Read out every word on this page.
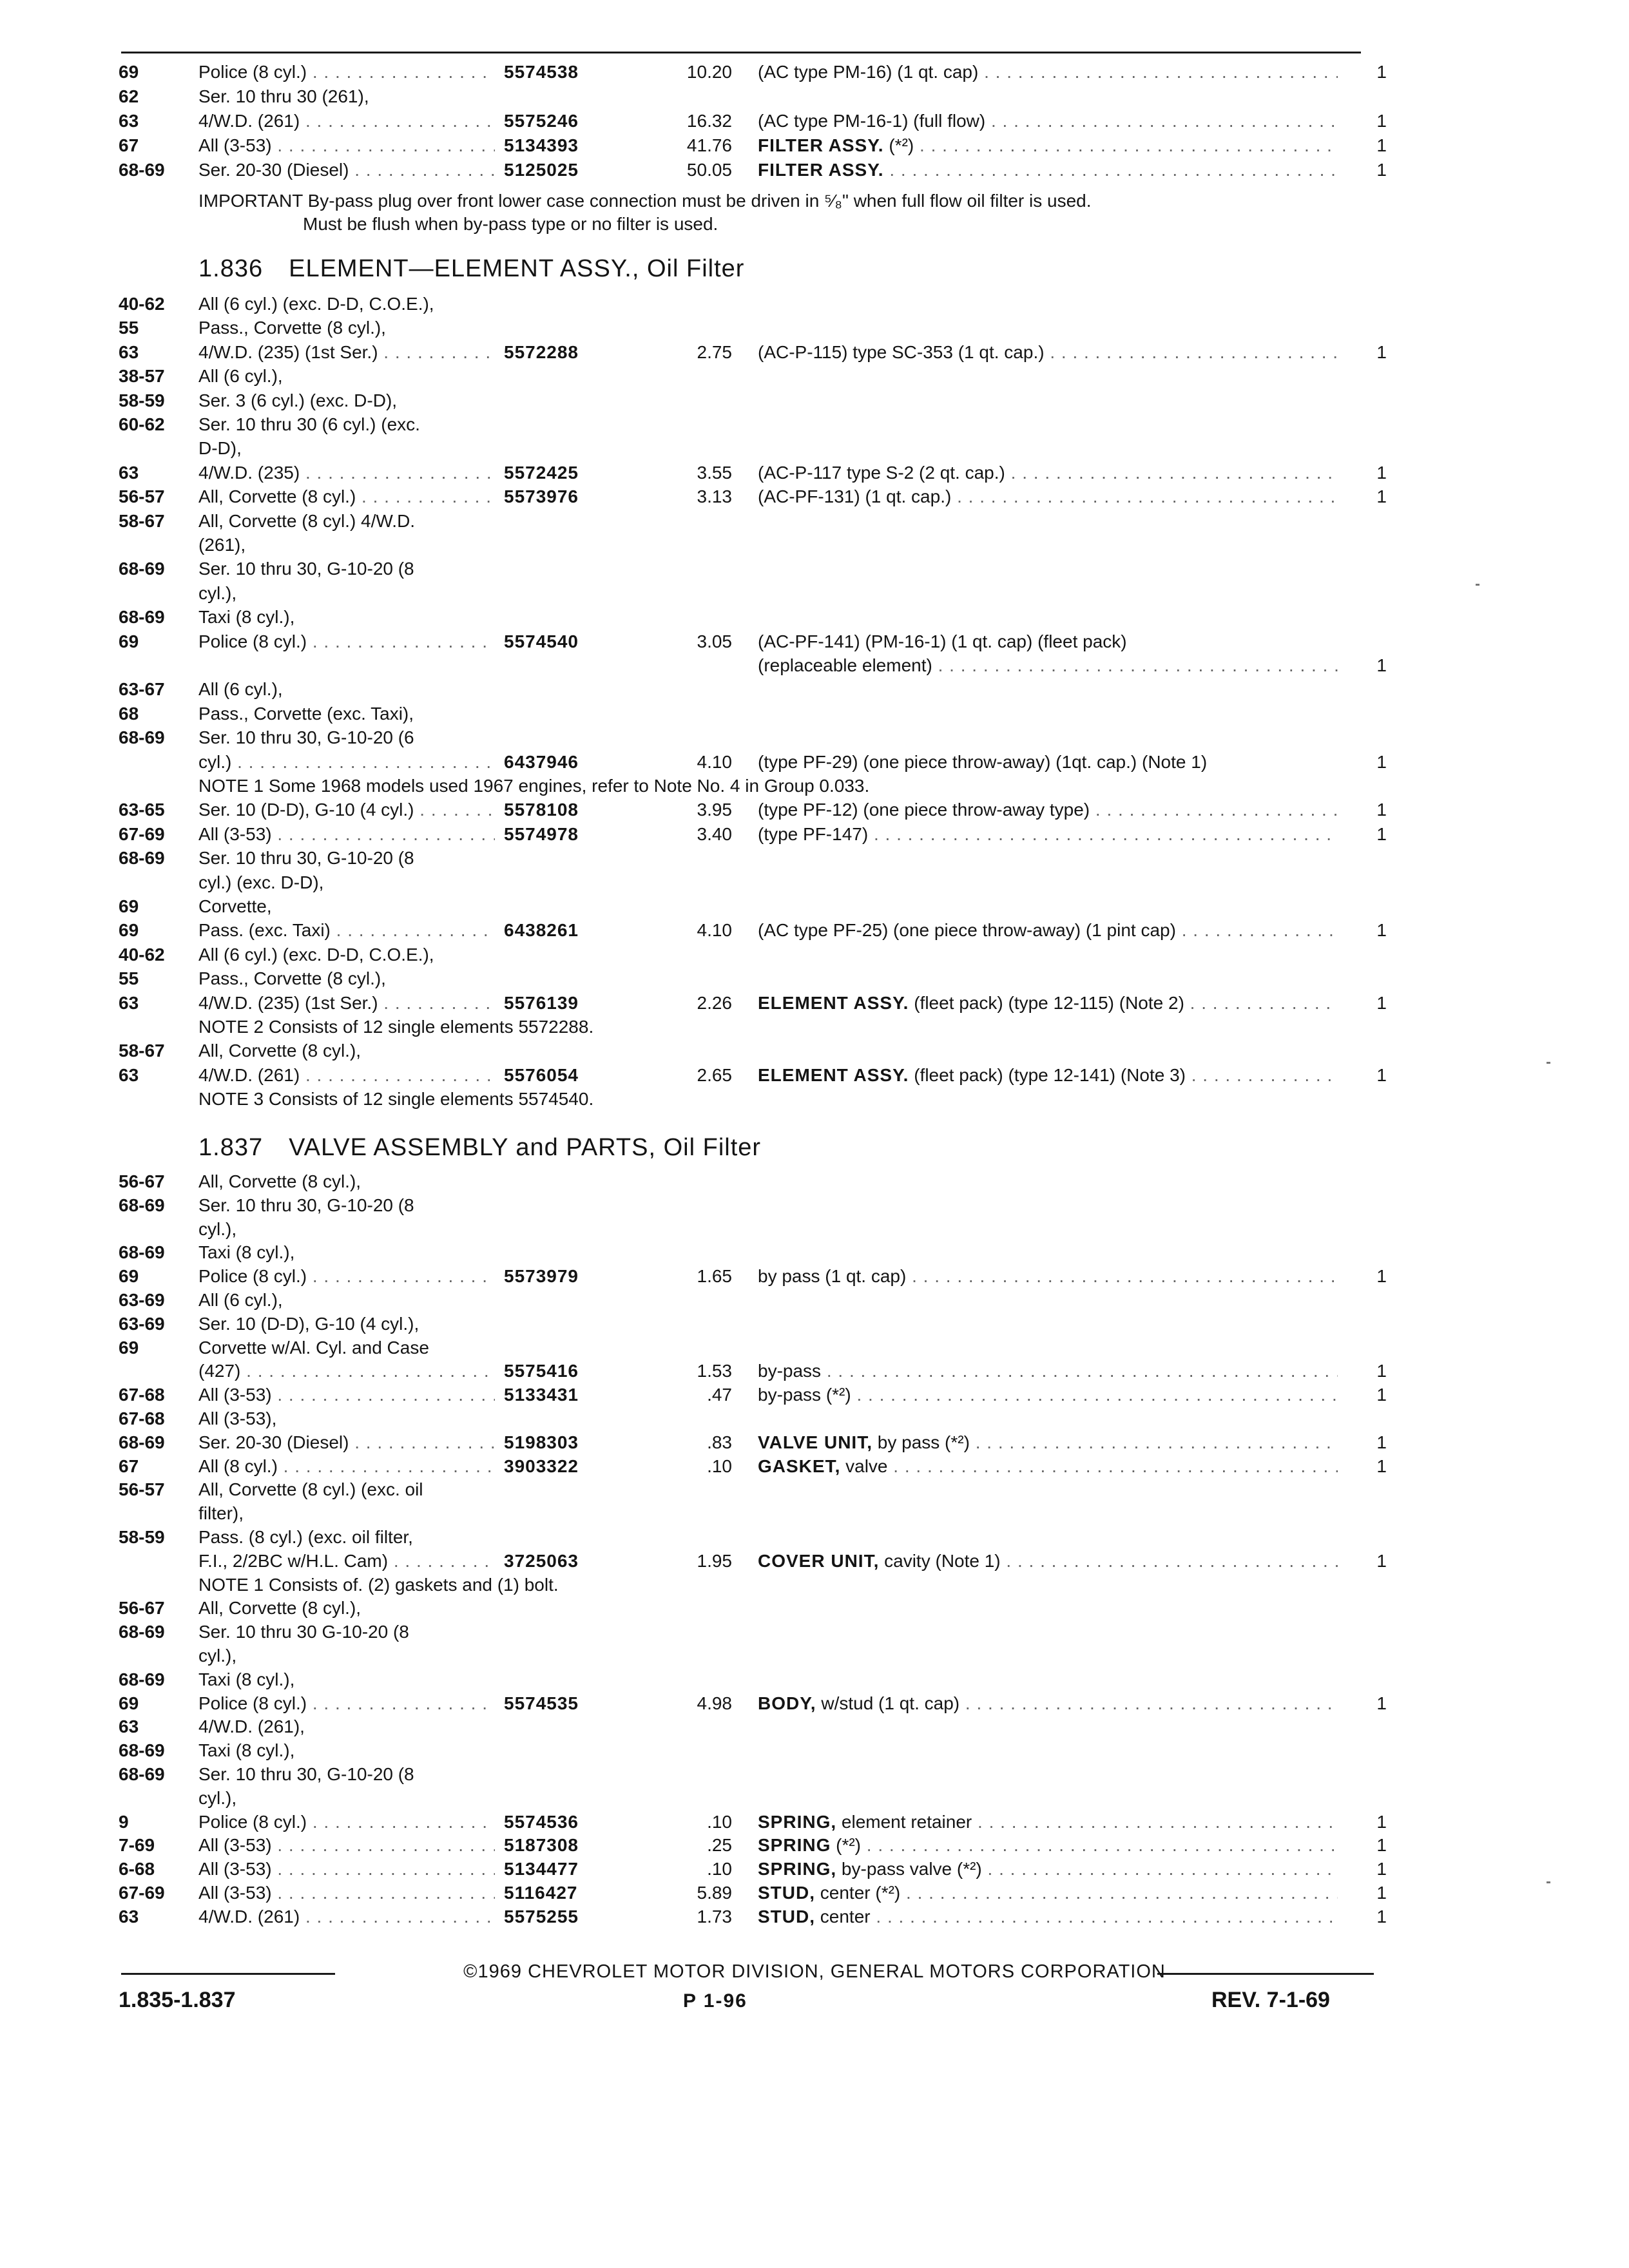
69	Police (8 cyl.) . . .	5574538	10.20 (AC type PM-16) (1 qt. cap) . . .	1
62	Ser. 10 thru 30 (261),
63	4/W.D. (261) . . .	5575246	16.32 (AC type PM-16-1) (full flow) . . .	1
67	All (3-53) . . .	5134393	41.76 FILTER ASSY. (*²) . . .	1
68-69 Ser. 20-30 (Diesel) . . .	5125025	50.05 FILTER ASSY. . . .	1
IMPORTANT By-pass plug over front lower case connection must be driven in ⁵⁄₈" when full flow oil filter is used.
Must be flush when by-pass type or no filter is used.
1.836 ELEMENT—ELEMENT ASSY., Oil Filter
40-62 All (6 cyl.) (exc. D-D, C.O.E.),
55	Pass., Corvette (8 cyl.),
63	4/W.D. (235) (1st Ser.) . . .	5572288	2.75 (AC-P-115) type SC-353 (1 qt. cap.) . . .	1
38-57 All (6 cyl.),
58-59 Ser. 3 (6 cyl.) (exc. D-D),
60-62 Ser. 10 thru 30 (6 cyl.) (exc.
D-D),
63	4/W.D. (235) . . .	5572425	3.55 (AC-P-117 type S-2 (2 qt. cap.) . . .	1
56-57 All, Corvette (8 cyl.) . . .	5573976	3.13 (AC-PF-131) (1 qt. cap.) . . .	1
58-67 All, Corvette (8 cyl.) 4/W.D.
(261),
68-69 Ser. 10 thru 30, G-10-20 (8
cyl.),
68-69 Taxi (8 cyl.),
69	Police (8 cyl.) . . .	5574540	3.05 (AC-PF-141) (PM-16-1) (1 qt. cap) (fleet pack)
(replaceable element) . . .	1
63-67 All (6 cyl.),
68	Pass., Corvette (exc. Taxi),
68-69 Ser. 10 thru 30, G-10-20 (6
cyl.) . . .	6437946	4.10 (type PF-29) (one piece throw-away) (1qt. cap.) (Note 1)	1
NOTE 1 Some 1968 models used 1967 engines, refer to Note No. 4 in Group 0.033.
63-65 Ser. 10 (D-D), G-10 (4 cyl.) . . .	5578108	3.95 (type PF-12) (one piece throw-away type) . . .	1
67-69 All (3-53) . . .	5574978	3.40 (type PF-147) . . .	1
68-69 Ser. 10 thru 30, G-10-20 (8
cyl.) (exc. D-D),
69	Corvette,
69	Pass. (exc. Taxi) . . .	6438261	4.10 (AC type PF-25) (one piece throw-away) (1 pint cap) . . .	1
40-62 All (6 cyl.) (exc. D-D, C.O.E.),
55	Pass., Corvette (8 cyl.),
63	4/W.D. (235) (1st Ser.) . . .	5576139	2.26 ELEMENT ASSY. (fleet pack) (type 12-115) (Note 2) . . .	1
NOTE 2 Consists of 12 single elements 5572288.
58-67 All, Corvette (8 cyl.),
63	4/W.D. (261) . . .	5576054	2.65 ELEMENT ASSY. (fleet pack) (type 12-141) (Note 3) . . .	1
NOTE 3 Consists of 12 single elements 5574540.
1.837 VALVE ASSEMBLY and PARTS, Oil Filter
56-67 All, Corvette (8 cyl.),
68-69 Ser. 10 thru 30, G-10-20 (8
cyl.),
68-69 Taxi (8 cyl.),
69	Police (8 cyl.) . . .	5573979	1.65 by pass (1 qt. cap) . . .	1
63-69 All (6 cyl.),
63-69 Ser. 10 (D-D), G-10 (4 cyl.),
69	Corvette w/Al. Cyl. and Case
(427) . . .	5575416	1.53 by-pass . . .	1
67-68 All (3-53) . . .	5133431	.47 by-pass (*²) . . .	1
67-68 All (3-53),
68-69 Ser. 20-30 (Diesel) . . .	5198303	.83 VALVE UNIT, by pass (*²) . . .	1
67	All (8 cyl.) . . .	3903322	.10 GASKET, valve . . .	1
56-57 All, Corvette (8 cyl.) (exc. oil
filter),
58-59 Pass. (8 cyl.) (exc. oil filter,
F.I., 2/2BC w/H.L. Cam) . . .	3725063	1.95 COVER UNIT, cavity (Note 1) . . .	1
NOTE 1 Consists of. (2) gaskets and (1) bolt.
56-67 All, Corvette (8 cyl.),
68-69 Ser. 10 thru 30 G-10-20 (8
cyl.),
68-69 Taxi (8 cyl.),
69	Police (8 cyl.) . . .	5574535	4.98 BODY, w/stud (1 qt. cap) . . .	1
63	4/W.D. (261),
68-69 Taxi (8 cyl.),
68-69 Ser. 10 thru 30, G-10-20 (8
cyl.),
9	Police (8 cyl.) . . .	5574536	.10 SPRING, element retainer . . .	1
7-69 All (3-53) . . .	5187308	.25 SPRING (*²) . . .	1
6-68 All (3-53) . . .	5134477	.10 SPRING, by-pass valve (*²) . . .	1
67-69 All (3-53) . . .	5116427	5.89 STUD, center (*²) . . .	1
63	4/W.D. (261) . . .	5575255	1.73 STUD, center . . .	1
©1969 CHEVROLET MOTOR DIVISION, GENERAL MOTORS CORPORATION
1.835-1.837	P 1-96	REV. 7-1-69
